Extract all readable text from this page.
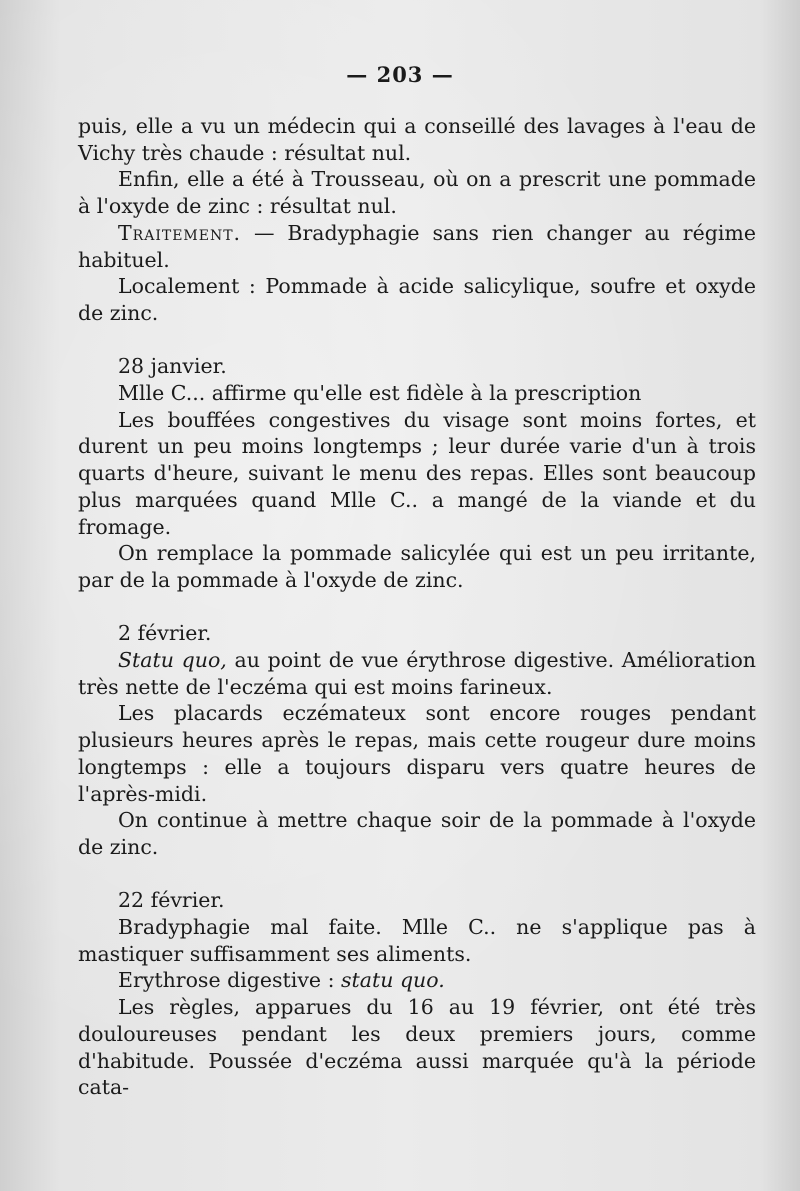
— 203 —

puis, elle a vu un médecin qui a conseillé des lavages à l'eau de Vichy très chaude : résultat nul.

Enfin, elle a été à Trousseau, où on a prescrit une pommade à l'oxyde de zinc : résultat nul.

Traitement. — Bradyphagie sans rien changer au régime habituel.

Localement : Pommade à acide salicylique, soufre et oxyde de zinc.

28 janvier.

Mlle C... affirme qu'elle est fidèle à la prescription

Les bouffées congestives du visage sont moins fortes, et durent un peu moins longtemps ; leur durée varie d'un à trois quarts d'heure, suivant le menu des repas. Elles sont beaucoup plus marquées quand Mlle C.. a mangé de la viande et du fromage.

On remplace la pommade salicylée qui est un peu irritante, par de la pommade à l'oxyde de zinc.

2 février.

Statu quo, au point de vue érythrose digestive. Amélioration très nette de l'eczéma qui est moins farineux.

Les placards eczémateux sont encore rouges pendant plusieurs heures après le repas, mais cette rougeur dure moins longtemps : elle a toujours disparu vers quatre heures de l'après-midi.

On continue à mettre chaque soir de la pommade à l'oxyde de zinc.

22 février.

Bradyphagie mal faite. Mlle C.. ne s'applique pas à mastiquer suffisamment ses aliments.

Erythrose digestive : statu quo.

Les règles, apparues du 16 au 19 février, ont été très douloureuses pendant les deux premiers jours, comme d'habitude. Poussée d'eczéma aussi marquée qu'à la période cata-
